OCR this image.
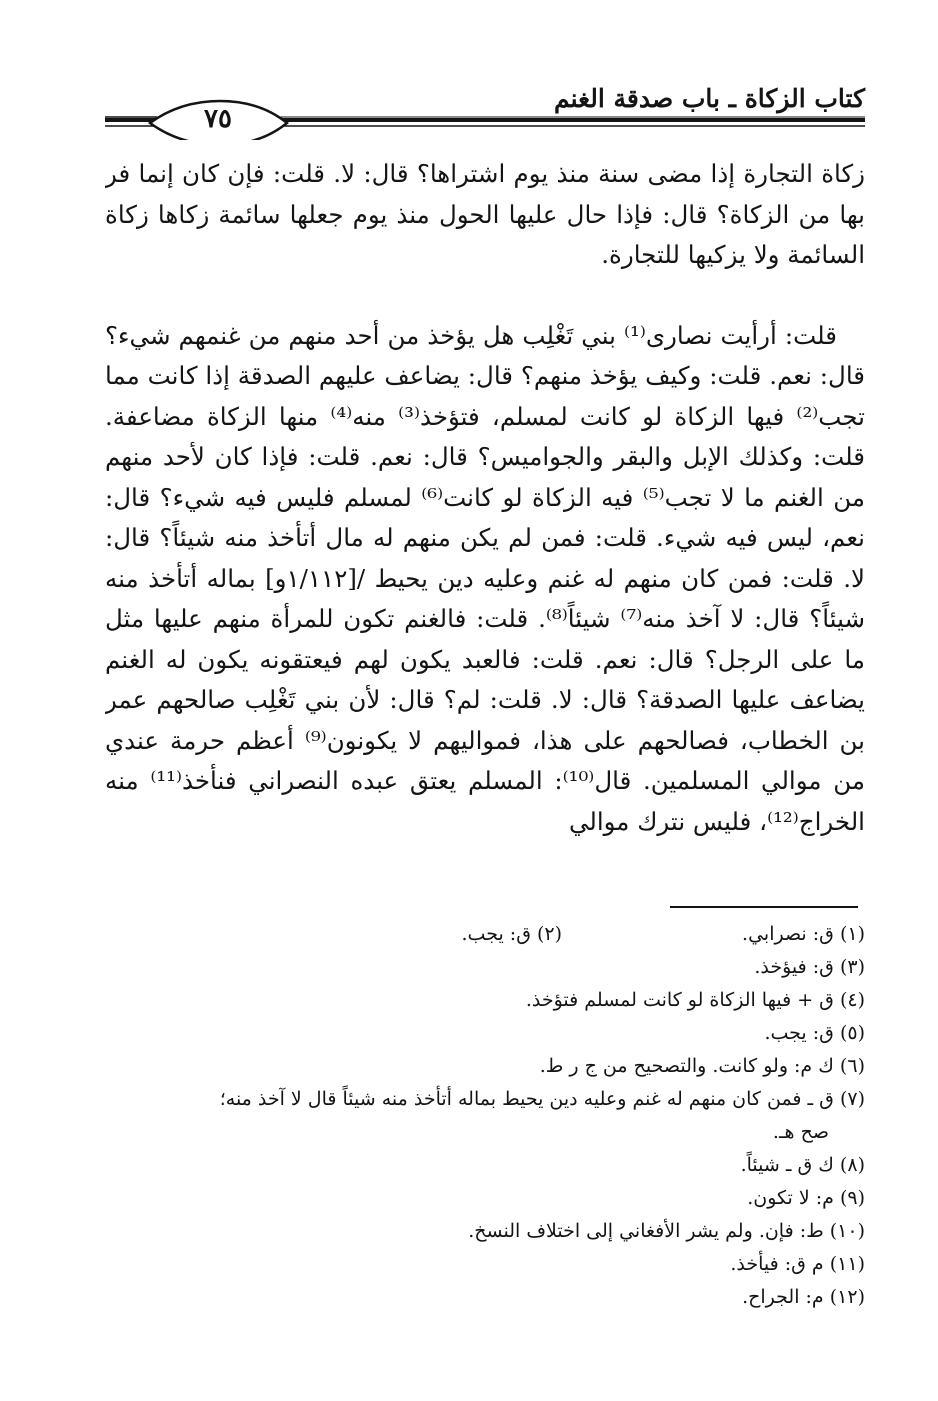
٧٥
كتاب الزكاة ـ باب صدقة الغنم

زكاة التجارة إذا مضى سنة منذ يوم اشتراها؟ قال: لا. قلت: فإن كان إنما فر بها من الزكاة؟ قال: فإذا حال عليها الحول منذ يوم جعلها سائمة زكاها زكاة السائمة ولا يزكيها للتجارة.

قلت: أرأيت نصارى⁽¹⁾ بني تَغْلِب هل يؤخذ من أحد منهم من غنمهم شيء؟ قال: نعم. قلت: وكيف يؤخذ منهم؟ قال: يضاعف عليهم الصدقة إذا كانت مما تجب⁽²⁾ فيها الزكاة لو كانت لمسلم، فتؤخذ⁽³⁾ منه⁽⁴⁾ منها الزكاة مضاعفة. قلت: وكذلك الإبل والبقر والجواميس؟ قال: نعم. قلت: فإذا كان لأحد منهم من الغنم ما لا تجب⁽⁵⁾ فيه الزكاة لو كانت⁽⁶⁾ لمسلم فليس فيه شيء؟ قال: نعم، ليس فيه شيء. قلت: فمن لم يكن منهم له مال أتأخذ منه شيئاً؟ قال: لا. قلت: فمن كان منهم له غنم وعليه دين يحيط /[١/١١٢و] بماله أتأخذ منه شيئاً؟ قال: لا آخذ منه⁽⁷⁾ شيئاً⁽⁸⁾. قلت: فالغنم تكون للمرأة منهم عليها مثل ما على الرجل؟ قال: نعم. قلت: فالعبد يكون لهم فيعتقونه يكون له الغنم يضاعف عليها الصدقة؟ قال: لا. قلت: لم؟ قال: لأن بني تَغْلِب صالحهم عمر بن الخطاب، فصالحهم على هذا، فمواليهم لا يكونون⁽⁹⁾ أعظم حرمة عندي من موالي المسلمين. قال⁽¹⁰⁾: المسلم يعتق عبده النصراني فنأخذ⁽¹¹⁾ منه الخراج⁽¹²⁾، فليس نترك موالي

(١) ق: نصرابي.
(٢) ق: يجب.
(٣) ق: فيؤخذ.
(٤) ق + فيها الزكاة لو كانت لمسلم فتؤخذ.
(٥) ق: يجب.
(٦) ك م: ولو كانت. والتصحيح من ج ر ط.
(٧) ق ـ فمن كان منهم له غنم وعليه دين يحيط بماله أتأخذ منه شيئاً قال لا آخذ منه؛
صح هـ.
(٨) ك ق ـ شيئاً.
(٩) م: لا تكون.
(١٠) ط: فإن. ولم يشر الأفغاني إلى اختلاف النسخ.
(١١) م ق: فيأخذ.
(١٢) م: الجراح.
